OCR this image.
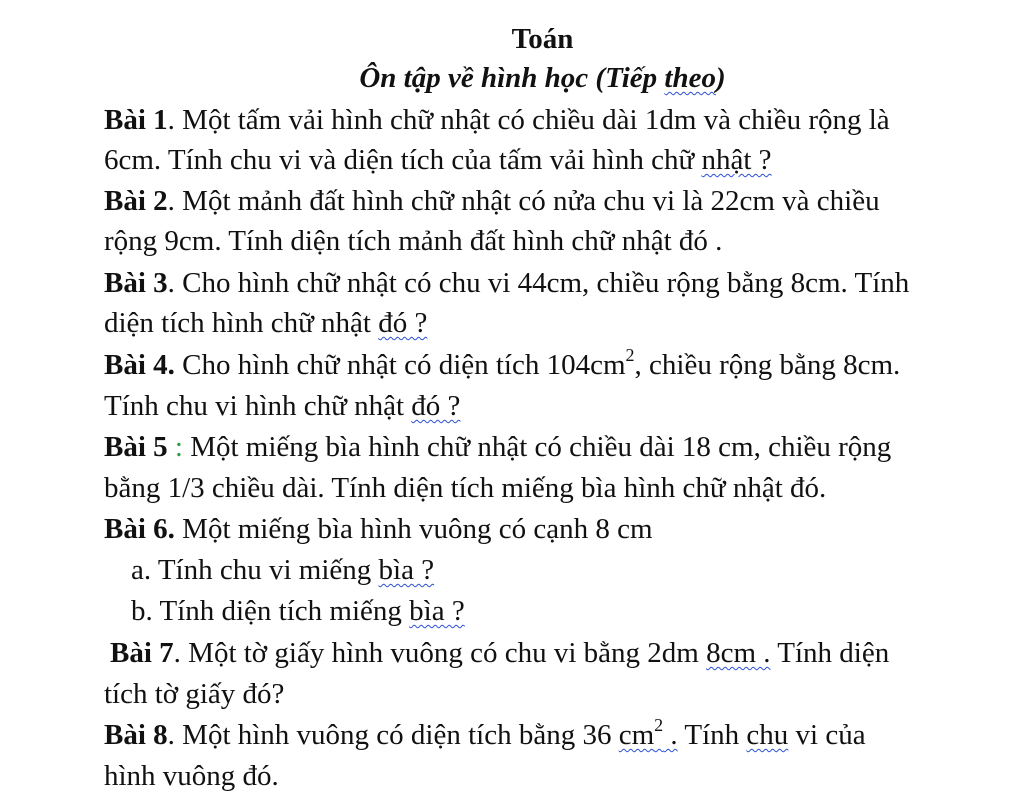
Toán
Ôn tập về hình học (Tiếp theo)
Bài 1. Một tấm vải hình chữ nhật có chiều dài 1dm và chiều rộng là
6cm. Tính chu vi và diện tích của tấm vải hình chữ nhật ?
Bài 2. Một mảnh đất hình chữ nhật có nửa chu vi là 22cm và chiều
rộng 9cm. Tính diện tích mảnh đất hình chữ nhật đó .
Bài 3. Cho hình chữ nhật có chu vi 44cm, chiều rộng bằng 8cm. Tính
diện tích hình chữ nhật đó ?
Bài 4. Cho hình chữ nhật có diện tích $104cm^2$, chiều rộng bằng 8cm.
Tính chu vi hình chữ nhật đó ?
Bài 5 : Một miếng bìa hình chữ nhật có chiều dài 18 cm, chiều rộng
bằng 1/3 chiều dài. Tính diện tích miếng bìa hình chữ nhật đó.
Bài 6. Một miếng bìa hình vuông có cạnh 8 cm
a. Tính chu vi miếng bìa ?
b. Tính diện tích miếng bìa ?
Bài 7. Một tờ giấy hình vuông có chu vi bằng 2dm 8cm . Tính diện
tích tờ giấy đó?
Bài 8. Một hình vuông có diện tích bằng 36 $cm^2$ . Tính chu vi của
hình vuông đó.
